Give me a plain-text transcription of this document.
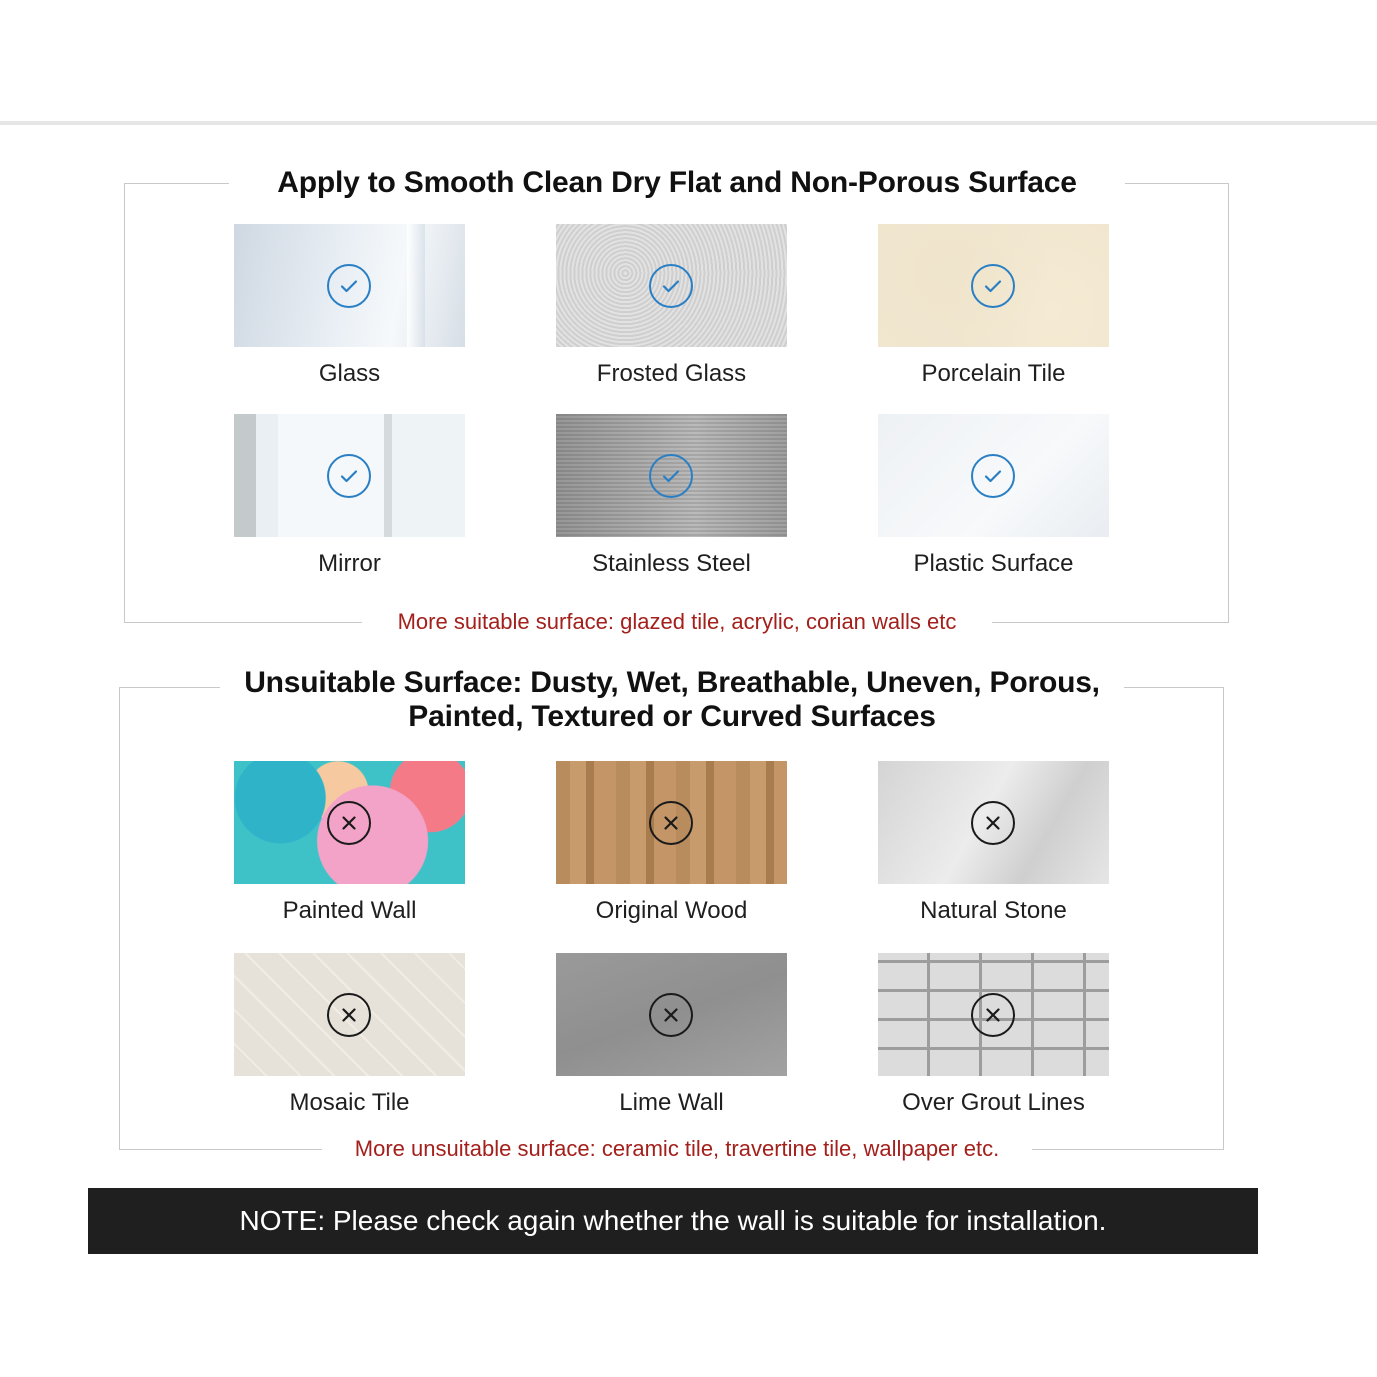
Apply to Smooth Clean Dry Flat and Non-Porous Surface
Glass	Frosted Glass	Porcelain Tile
Mirror	Stainless Steel	Plastic Surface
More suitable surface: glazed tile, acrylic, corian walls etc
Unsuitable Surface: Dusty, Wet, Breathable, Uneven, Porous,
Painted, Textured or Curved Surfaces
Painted Wall	Original Wood	Natural Stone
Mosaic Tile	Lime Wall	Over Grout Lines
More unsuitable surface: ceramic tile, travertine tile, wallpaper etc.
NOTE: Please check again whether the wall is suitable for installation.
